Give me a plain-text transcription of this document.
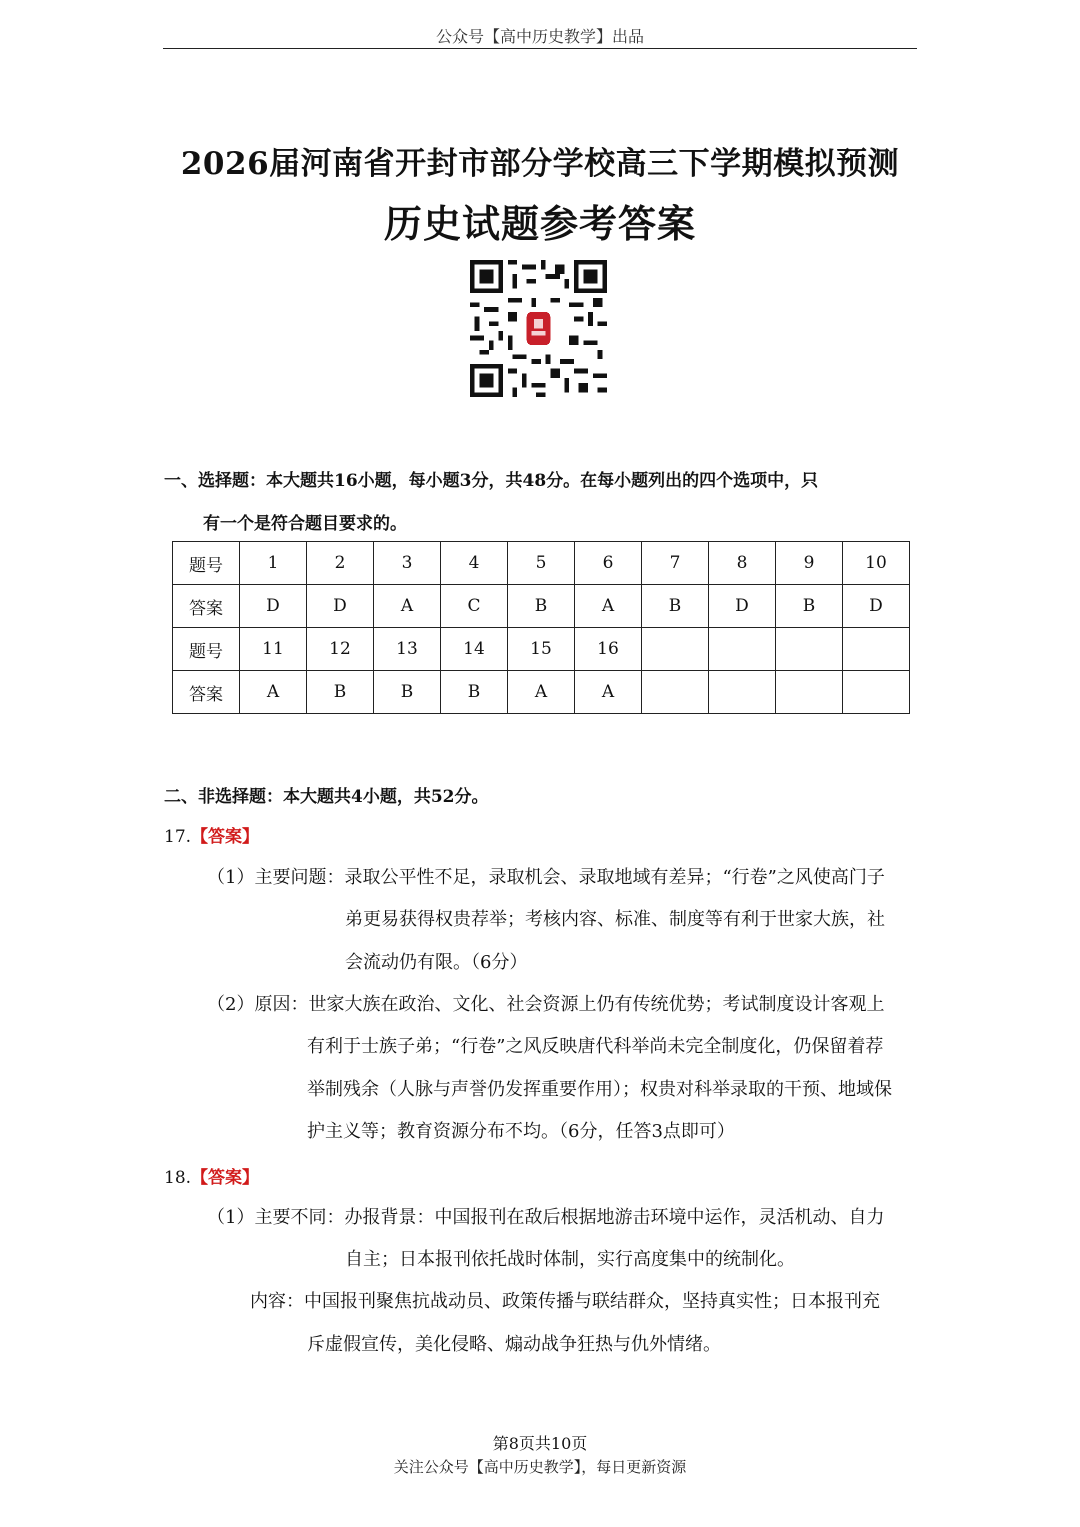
公众号【高中历史教学】出品
2026届河南省开封市部分学校高三下学期模拟预测
历史试题参考答案
一、选择题：本大题共16小题，每小题3分，共48分。在每小题列出的四个选项中，只
有一个是符合题目要求的。
题号	1	2	3	4	5	6	7	8	9	10
答案	D	D	A	C	B	A	B	D	B	D
题号	11	12	13	14	15	16				
答案	A	B	B	B	A	A				
二、非选择题：本大题共4小题，共52分。
17.【答案】
（1）主要问题：录取公平性不足，录取机会、录取地域有差异；“行卷”之风使高门子
弟更易获得权贵荐举；考核内容、标准、制度等有利于世家大族，社
会流动仍有限。（6分）
（2）原因：世家大族在政治、文化、社会资源上仍有传统优势；考试制度设计客观上
有利于士族子弟；“行卷”之风反映唐代科举尚未完全制度化，仍保留着荐
举制残余（人脉与声誉仍发挥重要作用）；权贵对科举录取的干预、地域保
护主义等；教育资源分布不均。（6分，任答3点即可）
18.【答案】
（1）主要不同：办报背景：中国报刊在敌后根据地游击环境中运作，灵活机动、自力
自主；日本报刊依托战时体制，实行高度集中的统制化。
内容：中国报刊聚焦抗战动员、政策传播与联结群众，坚持真实性；日本报刊充
斥虚假宣传，美化侵略、煽动战争狂热与仇外情绪。
第8页共10页
关注公众号【高中历史教学】，每日更新资源
